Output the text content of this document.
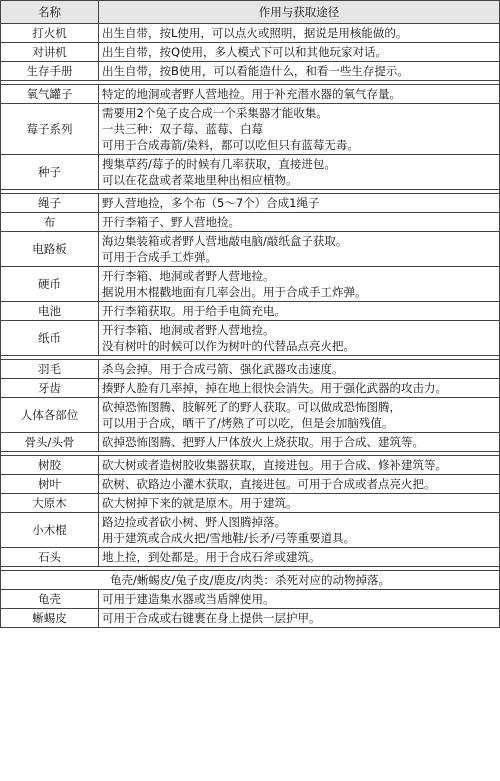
名称	作用与获取途径
打火机	出生自带，按L使用，可以点火或照明，据说是用核能做的。

对讲机	出生自带，按Q使用，多人模式下可以和其他玩家对话。

生存手册	出生自带，按B使用，可以看能造什么，和看一些生存提示。

氧气罐子	特定的地洞或者野人营地捡。用于补充潜水器的氧气存量。

莓子系列	需要用2个兔子皮合成一个采集器才能收集。
一共三种：双子莓、蓝莓、白莓
可用于合成毒箭/染料，都可以吃但只有蓝莓无毒。

种子	搜集草药/莓子的时候有几率获取，直接进包。
可以在花盘或者菜地里种出相应植物。

绳子	野人营地捡，多个布（5～7个）合成1绳子

布	开行李箱子、野人营地捡。

电路板	海边集装箱或者野人营地敲电脑/敲纸盒子获取。
可用于合成手工炸弹。

硬币	开行李箱、地洞或者野人营地捡。
据说用木棍戳地面有几率会出。用于合成手工炸弹。

电池	开行李箱获取。用于给手电筒充电。

纸币	开行李箱、地洞或者野人营地捡。
没有树叶的时候可以作为树叶的代替品点亮火把。

羽毛	杀鸟会掉。用于合成弓箭、强化武器攻击速度。

牙齿	揍野人脸有几率掉，掉在地上很快会消失。用于强化武器的攻击力。

人体各部位	砍掉恐怖图腾、肢解死了的野人获取。可以做成恐怖图腾，
可以用于合成，晒干了/烤熟了可以吃，但是会加脑残值。

骨头/头骨	砍掉恐怖图腾、把野人尸体放火上烧获取。用于合成、建筑等。

树胶	砍大树或者造树胶收集器获取，直接进包。用于合成、修补建筑等。

树叶	砍树、砍路边小灌木获取，直接进包。可用于合成或者点亮火把。

大原木	砍大树掉下来的就是原木。用于建筑。

小木棍	路边捡或者砍小树、野人图腾掉落。
用于建筑或合成火把/雪地鞋/长矛/弓等重要道具。

石头	地上捡，到处都是。用于合成石斧或建筑。

龟壳/蜥蜴皮/兔子皮/鹿皮/肉类：杀死对应的动物掉落。	
龟壳	可用于建造集水器或当盾牌使用。

蜥蜴皮	可用于合成或右键裹在身上提供一层护甲。
